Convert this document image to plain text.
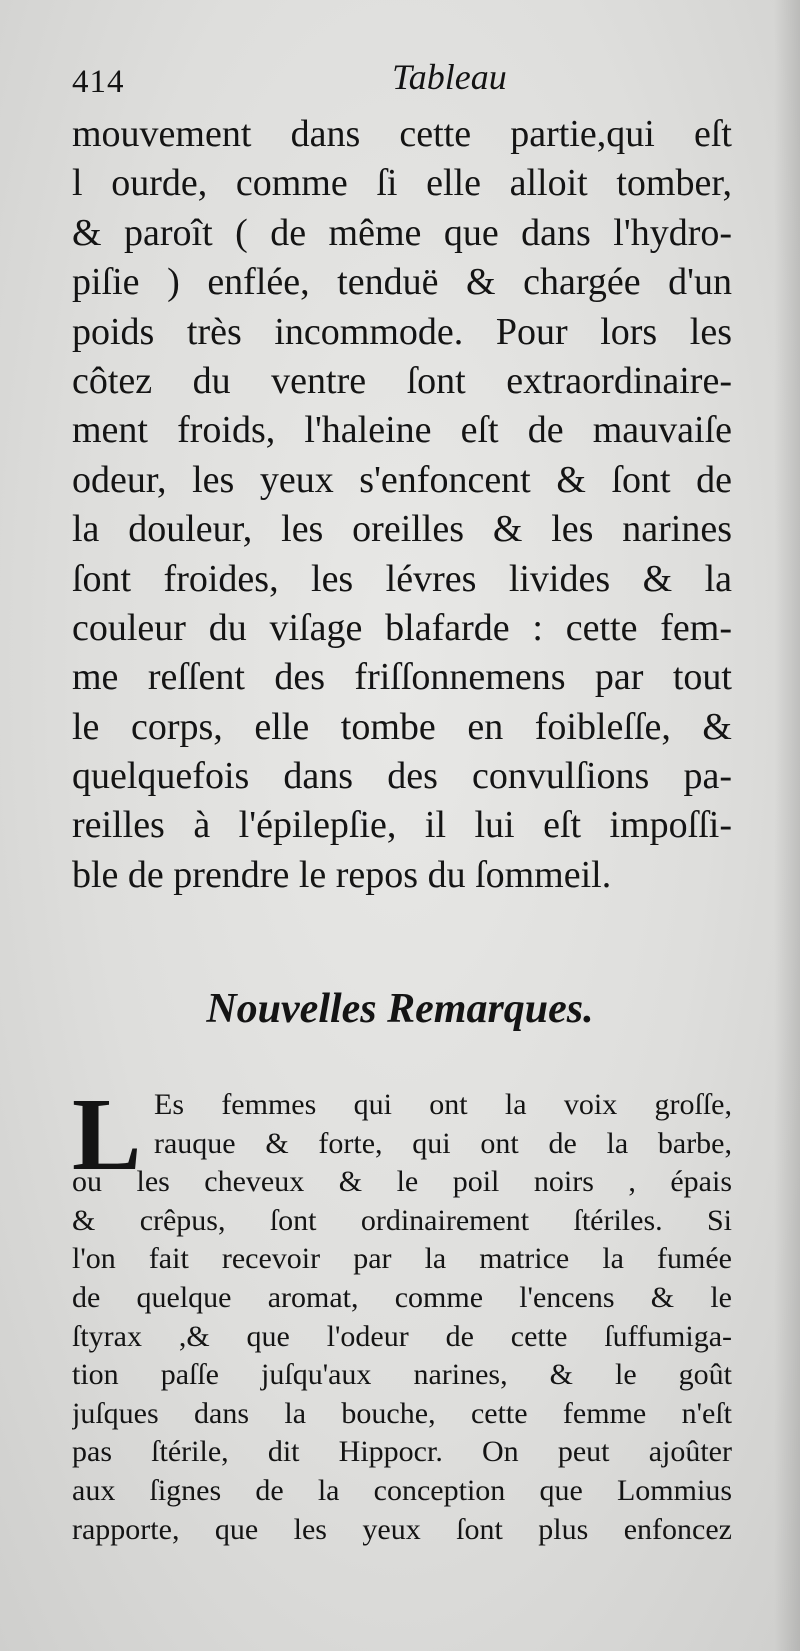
414	Tableau
mouvement dans cette partie,qui eſt
l ourde, comme ſi elle alloit tomber,
& paroît ( de même que dans l'hydro-
piſie ) enflée, tenduë & chargée d'un
poids très incommode. Pour lors les
côtez du ventre ſont extraordinaire-
ment froids, l'haleine eſt de mauvaiſe
odeur, les yeux s'enfoncent & ſont de
la douleur, les oreilles & les narines
ſont froides, les lévres livides & la
couleur du viſage blafarde : cette fem-
me reſſent des friſſonnemens par tout
le corps, elle tombe en foibleſſe, &
quelquefois dans des convulſions pa-
reilles à l'épilepſie, il lui eſt impoſſi-
ble de prendre le repos du ſommeil.
Nouvelles Remarques.
L Es femmes qui ont la voix groſſe,
rauque & forte, qui ont de la barbe,
ou les cheveux & le poil noirs , épais
& crêpus, ſont ordinairement ſtériles. Si
l'on fait recevoir par la matrice la fumée
de quelque aromat, comme l'encens & le
ſtyrax ,& que l'odeur de cette ſuffumiga-
tion paſſe juſqu'aux narines, & le goût
juſques dans la bouche, cette femme n'eſt
pas ſtérile, dit Hippocr. On peut ajoûter
aux ſignes de la conception que Lommius
rapporte, que les yeux ſont plus enfoncez
